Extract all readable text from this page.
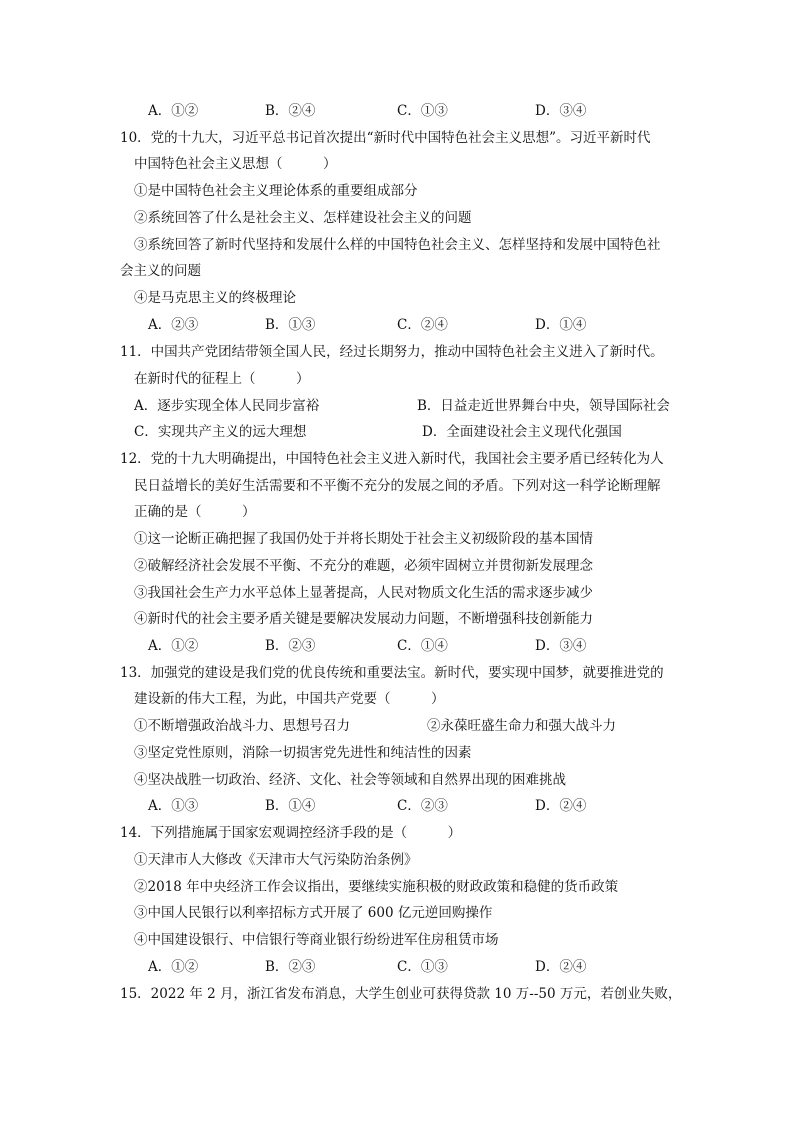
A．①②	B．②④	C．①③	D．③④
10．党的十九大，习近平总书记首次提出“新时代中国特色社会主义思想”。习近平新时代
中国特色社会主义思想（　　　）
①是中国特色社会主义理论体系的重要组成部分
②系统回答了什么是社会主义、怎样建设社会主义的问题
③系统回答了新时代坚持和发展什么样的中国特色社会主义、怎样坚持和发展中国特色社
会主义的问题
④是马克思主义的终极理论
A．②③	B．①③	C．②④	D．①④
11．中国共产党团结带领全国人民，经过长期努力，推动中国特色社会主义进入了新时代。
在新时代的征程上（　　　）
A．逐步实现全体人民同步富裕	B．日益走近世界舞台中央，领导国际社会
C．实现共产主义的远大理想	D．全面建设社会主义现代化强国
12．党的十九大明确提出，中国特色社会主义进入新时代，我国社会主要矛盾已经转化为人
民日益增长的美好生活需要和不平衡不充分的发展之间的矛盾。下列对这一科学论断理解
正确的是（　　　）
①这一论断正确把握了我国仍处于并将长期处于社会主义初级阶段的基本国情
②破解经济社会发展不平衡、不充分的难题，必须牢固树立并贯彻新发展理念
③我国社会生产力水平总体上显著提高，人民对物质文化生活的需求逐步减少
④新时代的社会主要矛盾关键是要解决发展动力问题，不断增强科技创新能力
A．①②	B．②③	C．①④	D．③④
13．加强党的建设是我们党的优良传统和重要法宝。新时代，要实现中国梦，就要推进党的
建设新的伟大工程，为此，中国共产党要（　　　）
①不断增强政治战斗力、思想号召力	②永葆旺盛生命力和强大战斗力
③坚定党性原则，消除一切损害党先进性和纯洁性的因素
④坚决战胜一切政治、经济、文化、社会等领域和自然界出现的困难挑战
A．①③	B．①④	C．②③	D．②④
14．下列措施属于国家宏观调控经济手段的是（　　　）
①天津市人大修改《天津市大气污染防治条例》
②2018 年中央经济工作会议指出，要继续实施积极的财政政策和稳健的货币政策
③中国人民银行以利率招标方式开展了 600 亿元逆回购操作
④中国建设银行、中信银行等商业银行纷纷进军住房租赁市场
A．①②	B．②③	C．①③	D．②④
15．2022 年 2 月，浙江省发布消息，大学生创业可获得贷款 10 万--50 万元，若创业失败，
